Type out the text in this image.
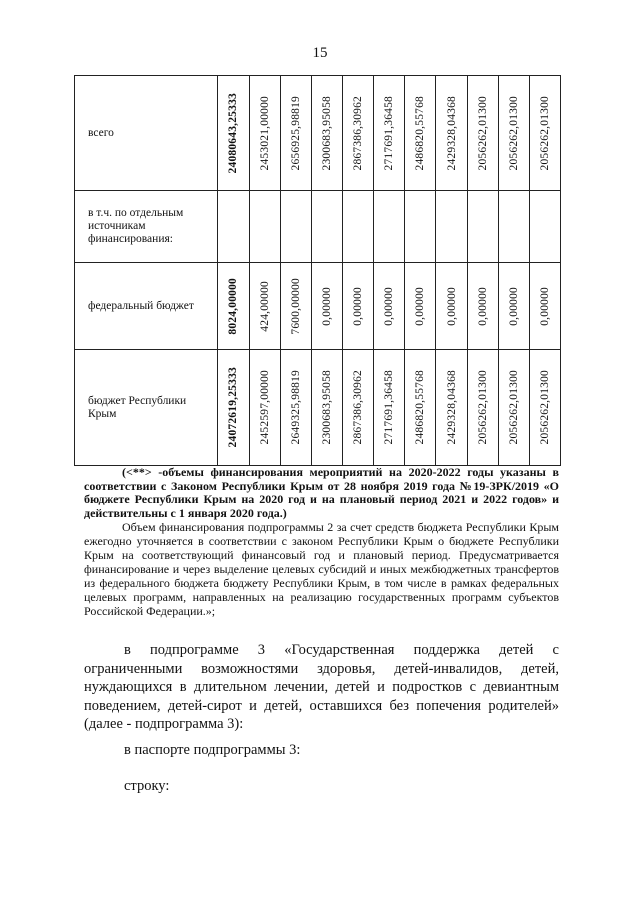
15
всего	24080643,25333	2453021,00000	2656925,98819	2300683,95058	2867386,30962	2717691,36458	2486820,55768	2429328,04368	2056262,01300	2056262,01300	2056262,01300

в т.ч. по отдельным источникам финансирования:											
федеральный бюджет	8024,00000	424,00000	7600,00000	0,00000	0,00000	0,00000	0,00000	0,00000	0,00000	0,00000	0,00000

бюджет Республики Крым	24072619,25333	2452597,00000	2649325,98819	2300683,95058	2867386,30962	2717691,36458	2486820,55768	2429328,04368	2056262,01300	2056262,01300	2056262,01300

(<**> -объемы финансирования мероприятий на 2020-2022 годы указаны в соответствии с Законом Республики Крым от 28 ноября 2019 года №19-ЗРК/2019 «О бюджете Республики Крым на 2020 год и на плановый период 2021 и 2022 годов» и действительны с 1 января 2020 года.)

Объем финансирования подпрограммы 2 за счет средств бюджета Республики Крым ежегодно уточняется в соответствии с законом Республики Крым о бюджете Республики Крым на соответствующий финансовый год и плановый период. Предусматривается финансирование и через выделение целевых субсидий и иных межбюджетных трансфертов из федерального бюджета бюджету Республики Крым, в том числе в рамках федеральных целевых программ, направленных на реализацию государственных программ субъектов Российской Федерации.»;

в подпрограмме 3 «Государственная поддержка детей с ограниченными возможностями здоровья, детей-инвалидов, детей, нуждающихся в длительном лечении, детей и подростков с девиантным поведением, детей-сирот и детей, оставшихся без попечения родителей» (далее - подпрограмма 3):

в паспорте подпрограммы 3:

строку:
